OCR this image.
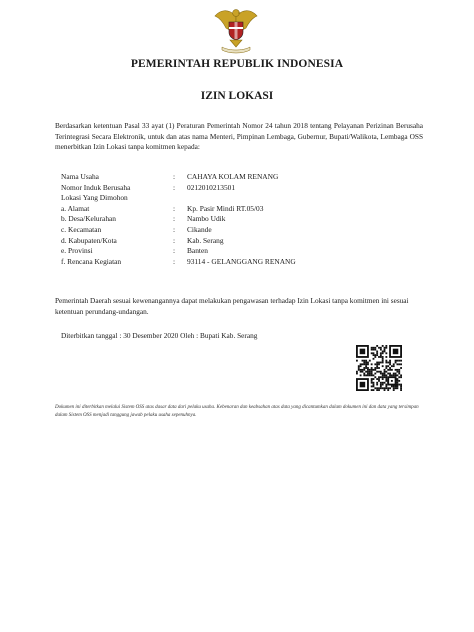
PEMERINTAH REPUBLIK INDONESIA
IZIN LOKASI
Berdasarkan ketentuan Pasal 33 ayat (1) Peraturan Pemerintah Nomor 24 tahun 2018 tentang Pelayanan Perizinan Berusaha Terintegrasi Secara Elektronik, untuk dan atas nama Menteri, Pimpinan Lembaga, Gubernur, Bupati/Walikota, Lembaga OSS menerbitkan Izin Lokasi tanpa komitmen kepada:
Nama Usaha	:	CAHAYA KOLAM RENANG
Nomor Induk Berusaha	:	0212010213501
Lokasi Yang Dimohon		
a. Alamat	:	Kp. Pasir Mindi RT.05/03
b. Desa/Kelurahan	:	Nambo Udik
c. Kecamatan	:	Cikande
d. Kabupaten/Kota	:	Kab. Serang
e. Provinsi	:	Banten
f. Rencana Kegiatan	:	93114 - GELANGGANG RENANG
Pemerintah Daerah sesuai kewenangannya dapat melakukan pengawasan terhadap Izin Lokasi tanpa komitmen ini sesuai ketentuan perundang-undangan.
Diterbitkan tanggal : 30 Desember 2020 Oleh : Bupati Kab. Serang
Dokumen ini diterbitkan melalui Sistem OSS atas dasar data dari pelaku usaha. Kebenaran dan keabsahan atas data yang dicantumkan dalam dokumen ini dan data yang tersimpan dalam Sistem OSS menjadi tanggung jawab pelaku usaha sepenuhnya.
